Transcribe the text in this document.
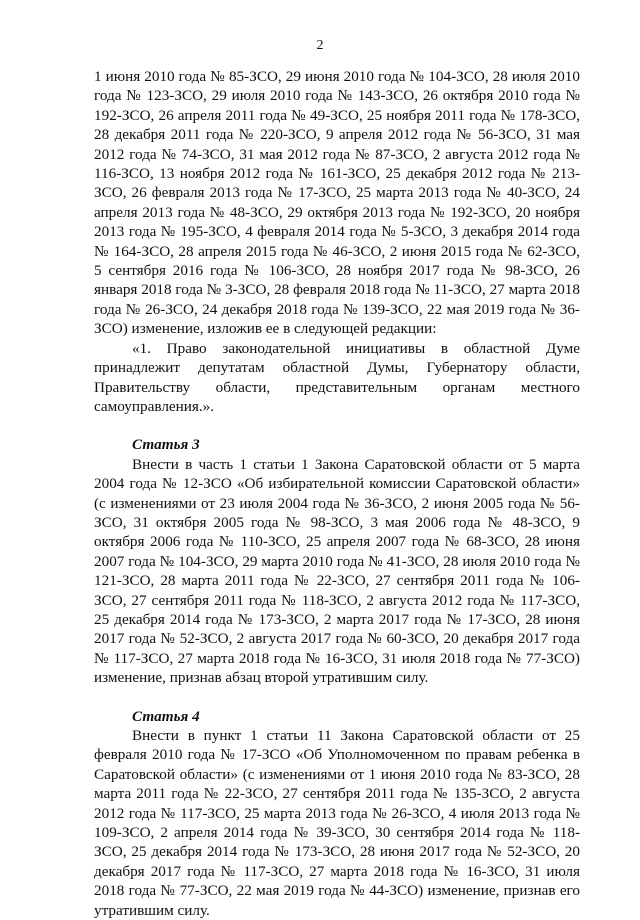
2

1 июня 2010 года № 85-ЗСО, 29 июня 2010 года № 104-ЗСО, 28 июля 2010 года № 123-ЗСО, 29 июля 2010 года № 143-ЗСО, 26 октября 2010 года № 192-ЗСО, 26 апреля 2011 года № 49-ЗСО, 25 ноября 2011 года № 178-ЗСО, 28 декабря 2011 года № 220-ЗСО, 9 апреля 2012 года № 56-ЗСО, 31 мая 2012 года № 74-ЗСО, 31 мая 2012 года № 87-ЗСО, 2 августа 2012 года № 116-ЗСО, 13 ноября 2012 года № 161-ЗСО, 25 декабря 2012 года № 213-ЗСО, 26 февраля 2013 года № 17-ЗСО, 25 марта 2013 года № 40-ЗСО, 24 апреля 2013 года № 48-ЗСО, 29 октября 2013 года № 192-ЗСО, 20 ноября 2013 года № 195-ЗСО, 4 февраля 2014 года № 5-ЗСО, 3 декабря 2014 года № 164-ЗСО, 28 апреля 2015 года № 46-ЗСО, 2 июня 2015 года № 62-ЗСО, 5 сентября 2016 года № 106-ЗСО, 28 ноября 2017 года № 98-ЗСО, 26 января 2018 года № 3-ЗСО, 28 февраля 2018 года № 11-ЗСО, 27 марта 2018 года № 26-ЗСО, 24 декабря 2018 года № 139-ЗСО, 22 мая 2019 года № 36-ЗСО) изменение, изложив ее в следующей редакции:

«1. Право законодательной инициативы в областной Думе принадлежит депутатам областной Думы, Губернатору области, Правительству области, представительным органам местного самоуправления.».

Статья 3

Внести в часть 1 статьи 1 Закона Саратовской области от 5 марта 2004 года № 12-ЗСО «Об избирательной комиссии Саратовской области» (с изменениями от 23 июля 2004 года № 36-ЗСО, 2 июня 2005 года № 56-ЗСО, 31 октября 2005 года № 98-ЗСО, 3 мая 2006 года № 48-ЗСО, 9 октября 2006 года № 110-ЗСО, 25 апреля 2007 года № 68-ЗСО, 28 июня 2007 года № 104-ЗСО, 29 марта 2010 года № 41-ЗСО, 28 июля 2010 года № 121-ЗСО, 28 марта 2011 года № 22-ЗСО, 27 сентября 2011 года № 106-ЗСО, 27 сентября 2011 года № 118-ЗСО, 2 августа 2012 года № 117-ЗСО, 25 декабря 2014 года № 173-ЗСО, 2 марта 2017 года № 17-ЗСО, 28 июня 2017 года № 52-ЗСО, 2 августа 2017 года № 60-ЗСО, 20 декабря 2017 года № 117-ЗСО, 27 марта 2018 года № 16-ЗСО, 31 июля 2018 года № 77-ЗСО) изменение, признав абзац второй утратившим силу.

Статья 4

Внести в пункт 1 статьи 11 Закона Саратовской области от 25 февраля 2010 года № 17-ЗСО «Об Уполномоченном по правам ребенка в Саратовской области» (с изменениями от 1 июня 2010 года № 83-ЗСО, 28 марта 2011 года № 22-ЗСО, 27 сентября 2011 года № 135-ЗСО, 2 августа 2012 года № 117-ЗСО, 25 марта 2013 года № 26-ЗСО, 4 июля 2013 года № 109-ЗСО, 2 апреля 2014 года № 39-ЗСО, 30 сентября 2014 года № 118-ЗСО, 25 декабря 2014 года № 173-ЗСО, 28 июня 2017 года № 52-ЗСО, 20 декабря 2017 года № 117-ЗСО, 27 марта 2018 года № 16-ЗСО, 31 июля 2018 года № 77-ЗСО, 22 мая 2019 года № 44-ЗСО) изменение, признав его утратившим силу.
